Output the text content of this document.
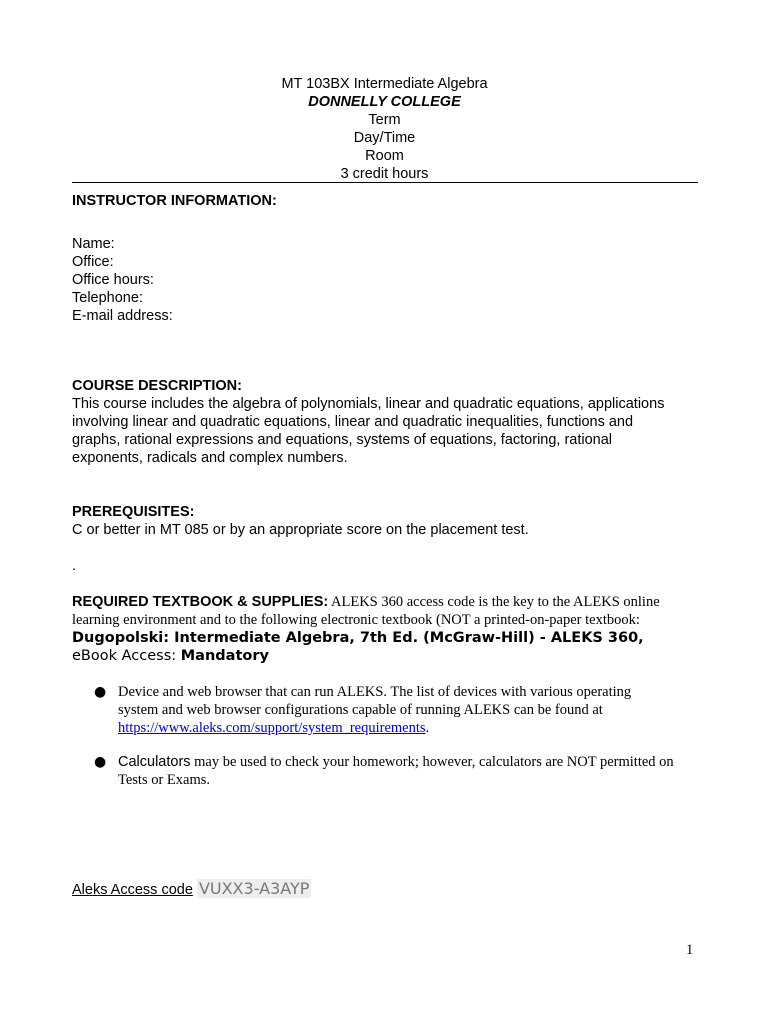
MT 103BX Intermediate Algebra
DONNELLY COLLEGE
Term
Day/Time
Room
3 credit hours
INSTRUCTOR INFORMATION:
Name:
Office:
Office hours:
Telephone:
E-mail address:
COURSE DESCRIPTION:
This course includes the algebra of polynomials, linear and quadratic equations, applications
involving linear and quadratic equations, linear and quadratic inequalities, functions and
graphs, rational expressions and equations, systems of equations, factoring, rational
exponents, radicals and complex numbers.
PREREQUISITES:
C or better in MT 085 or by an appropriate score on the placement test.
.
REQUIRED TEXTBOOK & SUPPLIES: ALEKS 360 access code is the key to the ALEKS online
learning environment and to the following electronic textbook (NOT a printed-on-paper textbook:
Dugopolski: Intermediate Algebra, 7th Ed. (McGraw-Hill) - ALEKS 360,
eBook Access: Mandatory
● Device and web browser that can run ALEKS. The list of devices with various operating
system and web browser configurations capable of running ALEKS can be found at
https://www.aleks.com/support/system_requirements.
● Calculators may be used to check your homework; however, calculators are NOT permitted on
Tests or Exams.
Aleks Access code VUXX3-A3AYP
1
